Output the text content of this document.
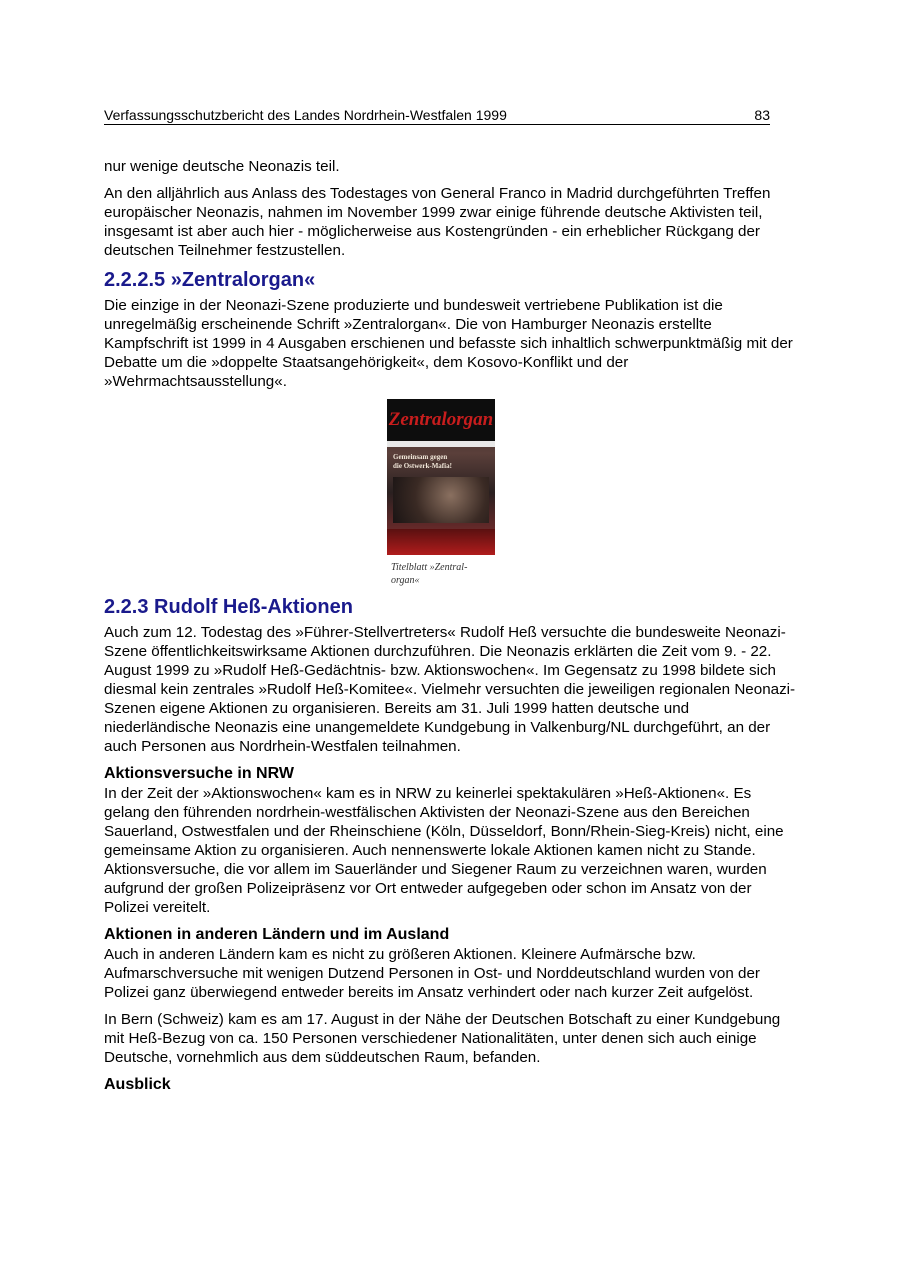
Verfassungsschutzbericht des Landes Nordrhein-Westfalen 1999	83

nur wenige deutsche Neonazis teil.

An den alljährlich aus Anlass des Todestages von General Franco in Madrid durchgeführten Treffen europäischer Neonazis, nahmen im November 1999 zwar einige führende deutsche Aktivisten teil, insgesamt ist aber auch hier - möglicherweise aus Kostengründen - ein erheblicher Rückgang der deutschen Teilnehmer festzustellen.

2.2.2.5 »Zentralorgan«

Die einzige in der Neonazi-Szene produzierte und bundesweit vertriebene Publikation ist die unregelmäßig erscheinende Schrift »Zentralorgan«. Die von Hamburger Neonazis erstellte Kampfschrift ist 1999 in 4 Ausgaben erschienen und befasste sich inhaltlich schwerpunktmäßig mit der Debatte um die »doppelte Staatsangehörigkeit«, dem Kosovo-Konflikt und der »Wehrmachtsausstellung«.

Zentralorgan
Gemeinsam gegen die Ostwerk-Mafia!
Titelblatt »Zentral-organ«
2.2.3 Rudolf Heß-Aktionen

Auch zum 12. Todestag des »Führer-Stellvertreters« Rudolf Heß versuchte die bundesweite Neonazi-Szene öffentlichkeitswirksame Aktionen durchzuführen. Die Neonazis erklärten die Zeit vom 9. - 22. August 1999 zu »Rudolf Heß-Gedächtnis- bzw. Aktionswochen«. Im Gegensatz zu 1998 bildete sich diesmal kein zentrales »Rudolf Heß-Komitee«. Vielmehr versuchten die jeweiligen regionalen Neonazi-Szenen eigene Aktionen zu organisieren. Bereits am 31. Juli 1999 hatten deutsche und niederländische Neonazis eine unangemeldete Kundgebung in Valkenburg/NL durchgeführt, an der auch Personen aus Nordrhein-Westfalen teilnahmen.

Aktionsversuche in NRW

In der Zeit der »Aktionswochen« kam es in NRW zu keinerlei spektakulären »Heß-Aktionen«. Es gelang den führenden nordrhein-westfälischen Aktivisten der Neonazi-Szene aus den Bereichen Sauerland, Ostwestfalen und der Rheinschiene (Köln, Düsseldorf, Bonn/Rhein-Sieg-Kreis) nicht, eine gemeinsame Aktion zu organisieren. Auch nennenswerte lokale Aktionen kamen nicht zu Stande. Aktionsversuche, die vor allem im Sauerländer und Siegener Raum zu verzeichnen waren, wurden aufgrund der großen Polizeipräsenz vor Ort entweder aufgegeben oder schon im Ansatz von der Polizei vereitelt.

Aktionen in anderen Ländern und im Ausland

Auch in anderen Ländern kam es nicht zu größeren Aktionen. Kleinere Aufmärsche bzw. Aufmarschversuche mit wenigen Dutzend Personen in Ost- und Norddeutschland wurden von der Polizei ganz überwiegend entweder bereits im Ansatz verhindert oder nach kurzer Zeit aufgelöst.

In Bern (Schweiz) kam es am 17. August in der Nähe der Deutschen Botschaft zu einer Kundgebung mit Heß-Bezug von ca. 150 Personen verschiedener Nationalitäten, unter denen sich auch einige Deutsche, vornehmlich aus dem süddeutschen Raum, befanden.

Ausblick
